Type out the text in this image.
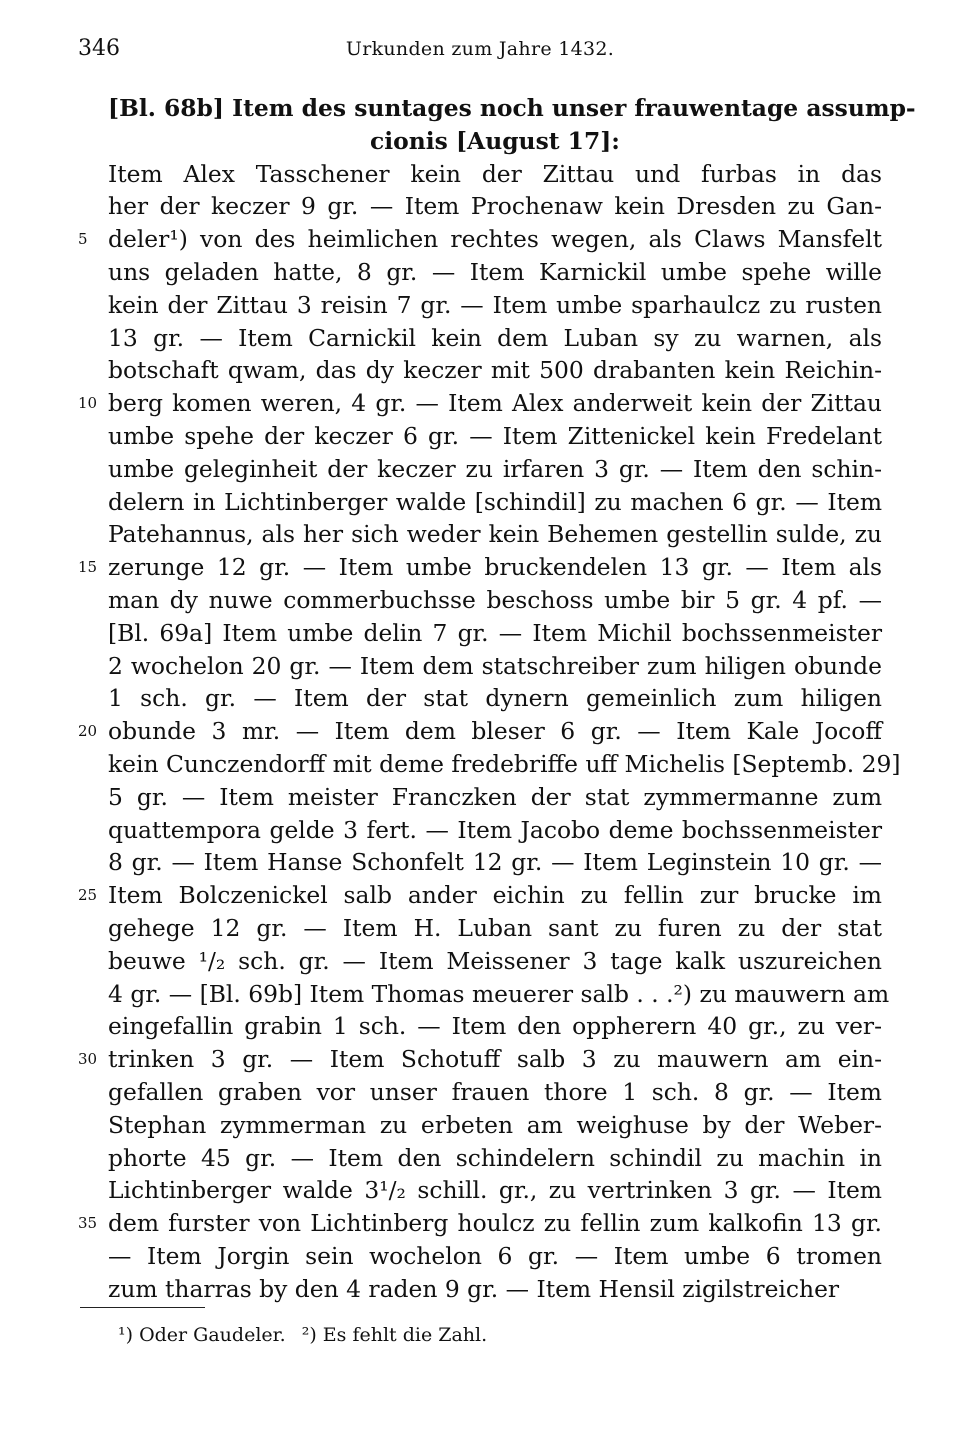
346	Urkunden zum Jahre 1432.
[Bl. 68b] Item des suntages noch unser frauwentage assump-
cionis [August 17]:
Item Alex Tasschener kein der Zittau und furbas in das
her der keczer 9 gr. — Item Prochenaw kein Dresden zu Gan-
deler¹) von des heimlichen rechtes wegen, als Claws Mansfelt
5
uns geladen hatte, 8 gr. — Item Karnickil umbe spehe wille
kein der Zittau 3 reisin 7 gr. — Item umbe sparhaulcz zu rusten
13 gr. — Item Carnickil kein dem Luban sy zu warnen, als
botschaft qwam, das dy keczer mit 500 drabanten kein Reichin-
berg komen weren, 4 gr. — Item Alex anderweit kein der Zittau
10
umbe spehe der keczer 6 gr. — Item Zittenickel kein Fredelant
umbe geleginheit der keczer zu irfaren 3 gr. — Item den schin-
delern in Lichtinberger walde [schindil] zu machen 6 gr. — Item
Patehannus, als her sich weder kein Behemen gestellin sulde, zu
zerunge 12 gr. — Item umbe bruckendelen 13 gr. — Item als
15
man dy nuwe commerbuchsse beschoss umbe bir 5 gr. 4 pf. —
[Bl. 69a] Item umbe delin 7 gr. — Item Michil bochssenmeister
2 wochelon 20 gr. — Item dem statschreiber zum hiligen obunde
1 sch. gr. — Item der stat dynern gemeinlich zum hiligen
obunde 3 mr. — Item dem bleser 6 gr. — Item Kale Jocoff
20
kein Cunczendorff mit deme fredebriffe uff Michelis [Septemb. 29]
5 gr. — Item meister Franczken der stat zymmermanne zum
quattempora gelde 3 fert. — Item Jacobo deme bochssenmeister
8 gr. — Item Hanse Schonfelt 12 gr. — Item Leginstein 10 gr. —
Item Bolczenickel salb ander eichin zu fellin zur brucke im
25
gehege 12 gr. — Item H. Luban sant zu furen zu der stat
beuwe ¹/₂ sch. gr. — Item Meissener 3 tage kalk uszureichen
4 gr. — [Bl. 69b] Item Thomas meuerer salb . . .²) zu mauwern am
eingefallin grabin 1 sch. — Item den oppherern 40 gr., zu ver-
trinken 3 gr. — Item Schotuff salb 3 zu mauwern am ein-
30
gefallen graben vor unser frauen thore 1 sch. 8 gr. — Item
Stephan zymmerman zu erbeten am weighuse by der Weber-
phorte 45 gr. — Item den schindelern schindil zu machin in
Lichtinberger walde 3¹/₂ schill. gr., zu vertrinken 3 gr. — Item
dem furster von Lichtinberg houlcz zu fellin zum kalkofin 13 gr.
35
— Item Jorgin sein wochelon 6 gr. — Item umbe 6 tromen
zum tharras by den 4 raden 9 gr. — Item Hensil zigilstreicher
¹) Oder Gaudeler. ²) Es fehlt die Zahl.
